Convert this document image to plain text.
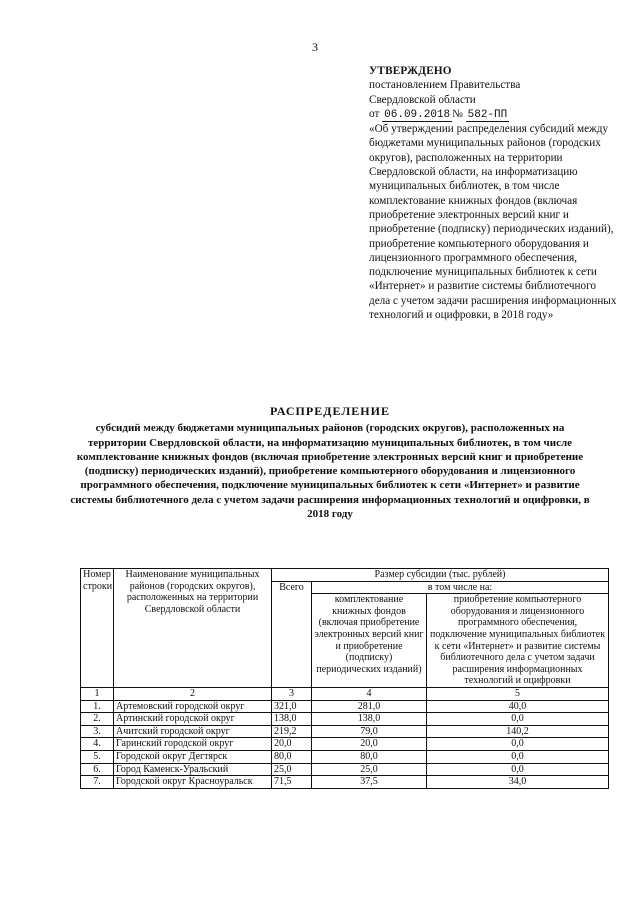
3
УТВЕРЖДЕНО
постановлением Правительства
Свердловской области
от 06.09.2018 № 582-ПП
«Об утверждении распределения субсидий между бюджетами муниципальных районов (городских округов), расположенных на территории Свердловской области, на информатизацию муниципальных библиотек, в том числе комплектование книжных фондов (включая приобретение электронных версий книг и приобретение (подписку) периодических изданий), приобретение компьютерного оборудования и лицензионного программного обеспечения, подключение муниципальных библиотек к сети «Интернет» и развитие системы библиотечного дела с учетом задачи расширения информационных технологий и оцифровки, в 2018 году»
РАСПРЕДЕЛЕНИЕ
субсидий между бюджетами муниципальных районов (городских округов), расположенных на территории Свердловской области, на информатизацию муниципальных библиотек, в том числе комплектование книжных фондов (включая приобретение электронных версий книг и приобретение (подписку) периодических изданий), приобретение компьютерного оборудования и лицензионного программного обеспечения, подключение муниципальных библиотек к сети «Интернет» и развитие системы библиотечного дела с учетом задачи расширения информационных технологий и оцифровки, в 2018 году
Номер строки	Наименование муниципальных районов (городских округов), расположенных на территории Свердловской области	Размер субсидии (тыс. рублей)		
		Всего	в том числе на:	
			комплектование книжных фондов (включая приобретение электронных версий книг и приобретение (подписку) периодических изданий)	приобретение компьютерного оборудования и лицензионного программного обеспечения, подключение муниципальных библиотек к сети «Интернет» и развитие системы библиотечного дела с учетом задачи расширения информационных технологий и оцифровки
1	2	3	4	5
1.	Артемовский городской округ	321,0	281,0	40,0
2.	Артинский городской округ	138,0	138,0	0,0
3.	Ачитский городской округ	219,2	79,0	140,2
4.	Гаринский городской округ	20,0	20,0	0,0
5.	Городской округ Дегтярск	80,0	80,0	0,0
6.	Город Каменск-Уральский	25,0	25,0	0,0
7.	Городской округ Красноуральск	71,5	37,5	34,0
